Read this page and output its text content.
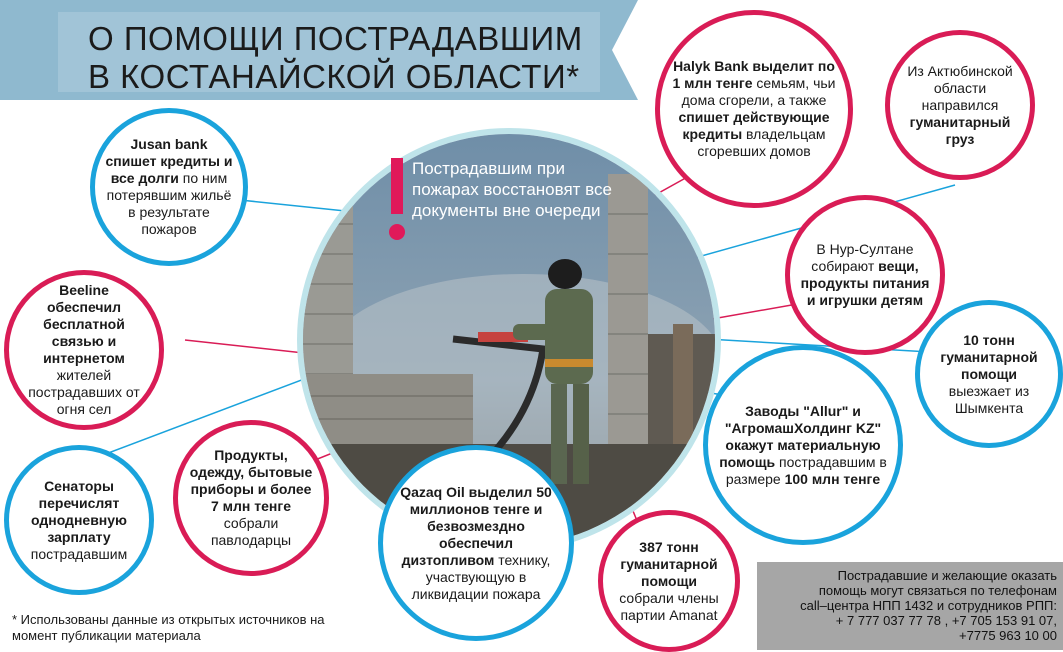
О ПОМОЩИ ПОСТРАДАВШИМ
В КОСТАНАЙСКОЙ ОБЛАСТИ*
Пострадавшим при пожарах восстановят все документы вне очереди
Jusan bank
спишет кредиты и все долги по ним потерявшим жильё в результате пожаров
Beeline
обеспечил бесплатной связью и интернетом жителей пострадавших от огня сел
Сенаторы перечислят однодневную зарплату
пострадавшим
Продукты, одежду, бытовые приборы и более 7 млн тенге собрали павлодарцы
Qazaq Oil выделил 50 миллионов тенге и безвозмездно обеспечил дизтопливом технику, участвующую в ликвидации пожара
387 тонн гуманитарной помощи собрали члены партии Amanat
Заводы "Allur" и "АгромашХолдинг KZ" окажут материальную помощь пострадавшим в размере 100 млн тенге
10 тонн гуманитарной помощи выезжает из Шымкента
В Нур-Султане собирают вещи, продукты питания и игрушки детям
Из Актюбинской области направился гуманитарный груз
Halyk Bank выделит по 1 млн тенге семьям, чьи дома сгорели, а также спишет действующие кредиты владельцам сгоревших домов
* Использованы данные из открытых источников на момент публикации материала
Пострадавшие и желающие оказать
помощь могут связаться по телефонам
call–центра НПП 1432 и сотрудников РПП:
+ 7 777 037 77 78 , +7 705 153 91 07,
+7775 963 10 00
